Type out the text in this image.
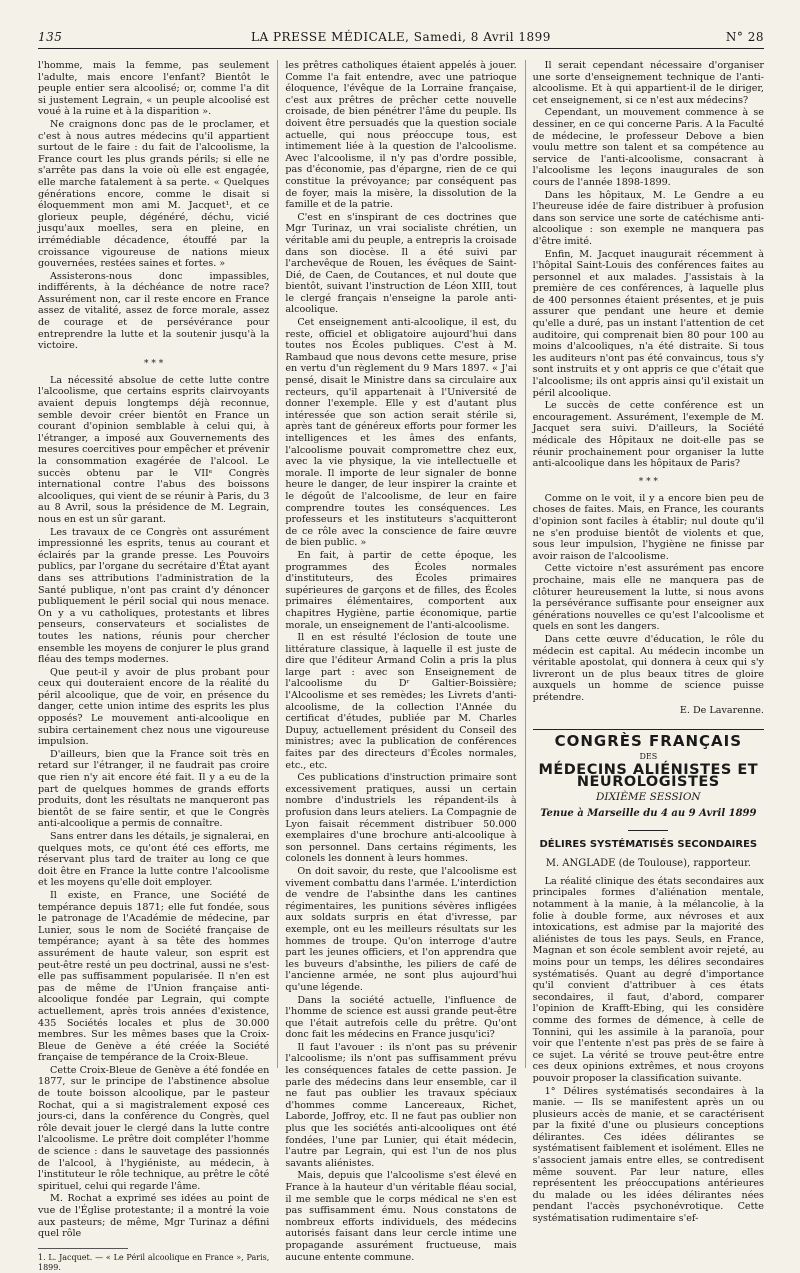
135	LA PRESSE MÉDICALE, Samedi, 8 Avril 1899	N° 28

l'homme, mais la femme, pas seulement l'adulte, mais encore l'enfant? Bientôt le peuple entier sera alcoolisé; or, comme l'a dit si justement Legrain, « un peuple alcoolisé est voué à la ruine et à la disparition ».

Ne craignons donc pas de le proclamer, et c'est à nous autres médecins qu'il appartient surtout de le faire : du fait de l'alcoolisme, la France court les plus grands périls; si elle ne s'arrête pas dans la voie où elle est engagée, elle marche fatalement à sa perte. « Quelques générations encore, comme le disait si éloquemment mon ami M. Jacquet¹, et ce glorieux peuple, dégénéré, déchu, vicié jusqu'aux moelles, sera en pleine, en irrémédiable décadence, étouffé par la croissance vigoureuse de nations mieux gouvernées, restées saines et fortes. »

Assisterons-nous donc impassibles, indifférents, à la déchéance de notre race? Assurément non, car il reste encore en France assez de vitalité, assez de force morale, assez de courage et de persévérance pour entreprendre la lutte et la soutenir jusqu'à la victoire.

* * *

La nécessité absolue de cette lutte contre l'alcoolisme, que certains esprits clairvoyants avaient depuis longtemps déjà reconnue, semble devoir créer bientôt en France un courant d'opinion semblable à celui qui, à l'étranger, a imposé aux Gouvernements des mesures coercitives pour empêcher et prévenir la consommation exagérée de l'alcool. Le succès obtenu par le VIIᵉ Congrès international contre l'abus des boissons alcooliques, qui vient de se réunir à Paris, du 3 au 8 Avril, sous la présidence de M. Legrain, nous en est un sûr garant.

Les travaux de ce Congrès ont assurément impressionné les esprits, tenus au courant et éclairés par la grande presse. Les Pouvoirs publics, par l'organe du secrétaire d'État ayant dans ses attributions l'administration de la Santé publique, n'ont pas craint d'y dénoncer publiquement le péril social qui nous menace. On y a vu catholiques, protestants et libres penseurs, conservateurs et socialistes de toutes les nations, réunis pour chercher ensemble les moyens de conjurer le plus grand fléau des temps modernes.

Que peut-il y avoir de plus probant pour ceux qui douteraient encore de la réalité du péril alcoolique, que de voir, en présence du danger, cette union intime des esprits les plus opposés? Le mouvement anti-alcoolique en subira certainement chez nous une vigoureuse impulsion.

D'ailleurs, bien que la France soit très en retard sur l'étranger, il ne faudrait pas croire que rien n'y ait encore été fait. Il y a eu de la part de quelques hommes de grands efforts produits, dont les résultats ne manqueront pas bientôt de se faire sentir, et que le Congrès anti-alcoolique a permis de connaître.

Sans entrer dans les détails, je signalerai, en quelques mots, ce qu'ont été ces efforts, me réservant plus tard de traiter au long ce que doit être en France la lutte contre l'alcoolisme et les moyens qu'elle doit employer.

Il existe, en France, une Société de tempérance depuis 1871; elle fut fondée, sous le patronage de l'Académie de médecine, par Lunier, sous le nom de Société française de tempérance; ayant à sa tête des hommes assurément de haute valeur, son esprit est peut-être resté un peu doctrinal, aussi ne s'est-elle pas suffisamment popularisée. Il n'en est pas de même de l'Union française anti-alcoolique fondée par Legrain, qui compte actuellement, après trois années d'existence, 435 Sociétés locales et plus de 30.000 membres. Sur les mêmes bases que la Croix-Bleue de Genève a été créée la Société française de tempérance de la Croix-Bleue.

Cette Croix-Bleue de Genève a été fondée en 1877, sur le principe de l'abstinence absolue de toute boisson alcoolique, par le pasteur Rochat, qui a si magistralement exposé ces jours-ci, dans la conférence du Congrès, quel rôle devait jouer le clergé dans la lutte contre l'alcoolisme. Le prêtre doit compléter l'homme de science : dans le sauvetage des passionnés de l'alcool, à l'hygiéniste, au médecin, à l'instituteur le rôle technique, au prêtre le côté spirituel, celui qui regarde l'âme.

M. Rochat a exprimé ses idées au point de vue de l'Église protestante; il a montré la voie aux pasteurs; de même, Mgr Turinaz a défini quel rôle

1. L. Jacquet. — « Le Péril alcoolique en France », Paris, 1899.

les prêtres catholiques étaient appelés à jouer. Comme l'a fait entendre, avec une patrioque éloquence, l'évêque de la Lorraine française, c'est aux prêtres de prêcher cette nouvelle croisade, de bien pénétrer l'âme du peuple. Ils doivent être persuadés que la question sociale actuelle, qui nous préoccupe tous, est intimement liée à la question de l'alcoolisme. Avec l'alcoolisme, il n'y pas d'ordre possible, pas d'économie, pas d'épargne, rien de ce qui constitue la prévoyance; par conséquent pas de foyer, mais la misère, la dissolution de la famille et de la patrie.

C'est en s'inspirant de ces doctrines que Mgr Turinaz, un vrai socialiste chrétien, un véritable ami du peuple, a entrepris la croisade dans son diocèse. Il a été suivi par l'archevêque de Rouen, les évêques de Saint-Dié, de Caen, de Coutances, et nul doute que bientôt, suivant l'instruction de Léon XIII, tout le clergé français n'enseigne la parole anti-alcoolique.

Cet enseignement anti-alcoolique, il est, du reste, officiel et obligatoire aujourd'hui dans toutes nos Écoles publiques. C'est à M. Rambaud que nous devons cette mesure, prise en vertu d'un règlement du 9 Mars 1897. « J'ai pensé, disait le Ministre dans sa circulaire aux recteurs, qu'il appartenait à l'Université de donner l'exemple. Elle y est d'autant plus intéressée que son action serait stérile si, après tant de généreux efforts pour former les intelligences et les âmes des enfants, l'alcoolisme pouvait compromettre chez eux, avec la vie physique, la vie intellectuelle et morale. Il importe de leur signaler de bonne heure le danger, de leur inspirer la crainte et le dégoût de l'alcoolisme, de leur en faire comprendre toutes les conséquences. Les professeurs et les instituteurs s'acquitteront de ce rôle avec la conscience de faire œuvre de bien public. »

En fait, à partir de cette époque, les programmes des Écoles normales d'instituteurs, des Écoles primaires supérieures de garçons et de filles, des Écoles primaires élémentaires, comportent aux chapitres Hygiène, partie économique, partie morale, un enseignement de l'anti-alcoolisme.

Il en est résulté l'éclosion de toute une littérature classique, à laquelle il est juste de dire que l'éditeur Armand Colin a pris la plus large part : avec son Enseignement de l'alcoolisme du Dʳ Galtier-Boissière; l'Alcoolisme et ses remèdes; les Livrets d'anti-alcoolisme, de la collection l'Année du certificat d'études, publiée par M. Charles Dupuy, actuellement président du Conseil des ministres; avec la publication de conférences faites par des directeurs d'Écoles normales, etc., etc.

Ces publications d'instruction primaire sont excessivement pratiques, aussi un certain nombre d'industriels les répandent-ils à profusion dans leurs ateliers. La Compagnie de Lyon faisait récemment distribuer 50.000 exemplaires d'une brochure anti-alcoolique à son personnel. Dans certains régiments, les colonels les donnent à leurs hommes.

On doit savoir, du reste, que l'alcoolisme est vivement combattu dans l'armée. L'interdiction de vendre de l'absinthe dans les cantines régimentaires, les punitions sévères infligées aux soldats surpris en état d'ivresse, par exemple, ont eu les meilleurs résultats sur les hommes de troupe. Qu'on interroge d'autre part les jeunes officiers, et l'on apprendra que les buveurs d'absinthe, les piliers de café de l'ancienne armée, ne sont plus aujourd'hui qu'une légende.

Dans la société actuelle, l'influence de l'homme de science est aussi grande peut-être que l'était autrefois celle du prêtre. Qu'ont donc fait les médecins en France jusqu'ici?

Il faut l'avouer : ils n'ont pas su prévenir l'alcoolisme; ils n'ont pas suffisamment prévu les conséquences fatales de cette passion. Je parle des médecins dans leur ensemble, car il ne faut pas oublier les travaux spéciaux d'hommes comme Lancereaux, Richet, Laborde, Joffroy, etc. Il ne faut pas oublier non plus que les sociétés anti-alcooliques ont été fondées, l'une par Lunier, qui était médecin, l'autre par Legrain, qui est l'un de nos plus savants aliénistes.

Mais, depuis que l'alcoolisme s'est élevé en France à la hauteur d'un véritable fléau social, il me semble que le corps médical ne s'en est pas suffisamment ému. Nous constatons de nombreux efforts individuels, des médecins autorisés faisant dans leur cercle intime une propagande assurément fructueuse, mais aucune entente commune.

Il serait cependant nécessaire d'organiser une sorte d'enseignement technique de l'anti-alcoolisme. Et à qui appartient-il de le diriger, cet enseignement, si ce n'est aux médecins?

Cependant, un mouvement commence à se dessiner, en ce qui concerne Paris. A la Faculté de médecine, le professeur Debove a bien voulu mettre son talent et sa compétence au service de l'anti-alcoolisme, consacrant à l'alcoolisme les leçons inaugurales de son cours de l'année 1898-1899.

Dans les hôpitaux, M. Le Gendre a eu l'heureuse idée de faire distribuer à profusion dans son service une sorte de catéchisme anti-alcoolique : son exemple ne manquera pas d'être imité.

Enfin, M. Jacquet inaugurait récemment à l'hôpital Saint-Louis des conférences faites au personnel et aux malades. J'assistais à la première de ces conférences, à laquelle plus de 400 personnes étaient présentes, et je puis assurer que pendant une heure et demie qu'elle a duré, pas un instant l'attention de cet auditoire, qui comprenait bien 80 pour 100 au moins d'alcooliques, n'a été distraite. Si tous les auditeurs n'ont pas été convaincus, tous s'y sont instruits et y ont appris ce que c'était que l'alcoolisme; ils ont appris ainsi qu'il existait un péril alcoolique.

Le succès de cette conférence est un encouragement. Assurément, l'exemple de M. Jacquet sera suivi. D'ailleurs, la Société médicale des Hôpitaux ne doit-elle pas se réunir prochainement pour organiser la lutte anti-alcoolique dans les hôpitaux de Paris?

* * *

Comme on le voit, il y a encore bien peu de choses de faites. Mais, en France, les courants d'opinion sont faciles à établir; nul doute qu'il ne s'en produise bientôt de violents et que, sous leur impulsion, l'hygiène ne finisse par avoir raison de l'alcoolisme.

Cette victoire n'est assurément pas encore prochaine, mais elle ne manquera pas de clôturer heureusement la lutte, si nous avons la persévérance suffisante pour enseigner aux générations nouvelles ce qu'est l'alcoolisme et quels en sont les dangers.

Dans cette œuvre d'éducation, le rôle du médecin est capital. Au médecin incombe un véritable apostolat, qui donnera à ceux qui s'y livreront un de plus beaux titres de gloire auxquels un homme de science puisse prétendre.

E. De Lavarenne.
CONGRÈS FRANÇAIS
DES
MÉDECINS ALIÉNISTES ET NEUROLOGISTES
DIXIÈME SESSION
Tenue à Marseille du 4 au 9 Avril 1899
DÉLIRES SYSTÉMATISÉS SECONDAIRES
M. ANGLADE (de Toulouse), rapporteur.

La réalité clinique des états secondaires aux principales formes d'aliénation mentale, notamment à la manie, à la mélancolie, à la folie à double forme, aux névroses et aux intoxications, est admise par la majorité des aliénistes de tous les pays. Seuls, en France, Magnan et son école semblent avoir rejeté, au moins pour un temps, les délires secondaires systématisés. Quant au degré d'importance qu'il convient d'attribuer à ces états secondaires, il faut, d'abord, comparer l'opinion de Krafft-Ebing, qui les considère comme des formes de démence, à celle de Tonnini, qui les assimile à la paranoïa, pour voir que l'entente n'est pas près de se faire à ce sujet. La vérité se trouve peut-être entre ces deux opinions extrêmes, et nous croyons pouvoir proposer la classification suivante.

1° Délires systématisés secondaires à la manie. — Ils se manifestent après un ou plusieurs accès de manie, et se caractérisent par la fixité d'une ou plusieurs conceptions délirantes. Ces idées délirantes se systématisent faiblement et isolément. Elles ne s'associent jamais entre elles, se contredisent même souvent. Par leur nature, elles représentent les préoccupations antérieures du malade ou les idées délirantes nées pendant l'accès psychonévrotique. Cette systématisation rudimentaire s'ef-
